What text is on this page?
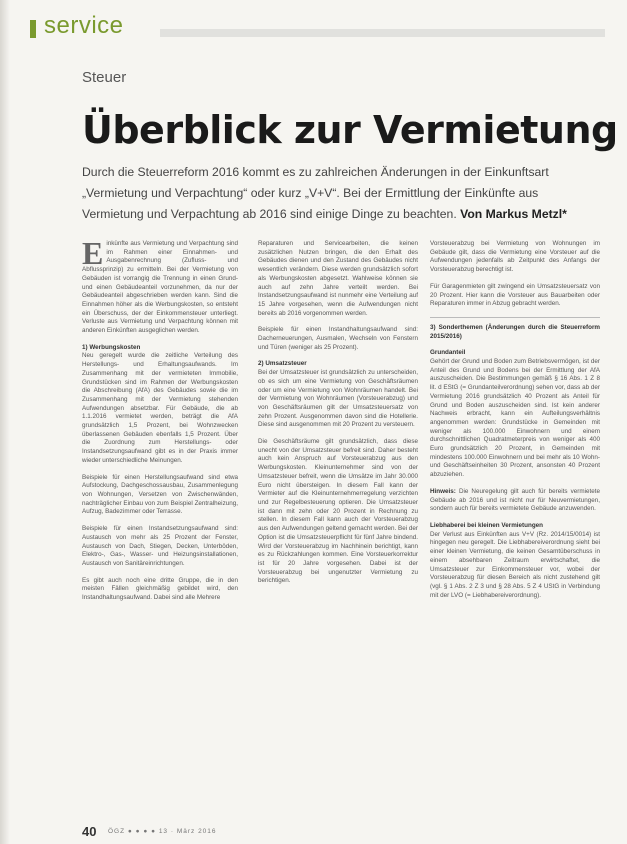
service
Steuer
Überblick zur Vermietung
Durch die Steuerreform 2016 kommt es zu zahlreichen Änderungen in der Einkunftsart „Vermietung und Verpachtung“ oder kurz „V+V“. Bei der Ermittlung der Einkünfte aus Vermietung und Verpachtung ab 2016 sind einige Dinge zu beachten. Von Markus Metzl*

Einkünfte aus Vermietung und Verpachtung sind im Rahmen einer Einnahmen- und Ausgabenrechnung (Zufluss- und Abflussprinzip) zu ermitteln. Bei der Vermietung von Gebäuden ist vorrangig die Trennung in einen Grund- und einen Gebäudeanteil vorzunehmen, da nur der Gebäudeanteil abgeschrieben werden kann. Sind die Einnahmen höher als die Werbungskosten, so entsteht ein Überschuss, der der Einkommensteuer unterliegt. Verluste aus Vermietung und Verpachtung können mit anderen Einkünften ausgeglichen werden.

1) Werbungskosten

Neu geregelt wurde die zeitliche Verteilung des Herstellungs- und Erhaltungsaufwands. Im Zusammenhang mit der vermieteten Immobilie, Grundstücken sind im Rahmen der Werbungskosten die Abschreibung (AfA) des Gebäudes sowie die im Zusammenhang mit der Vermietung stehenden Aufwendungen absetzbar. Für Gebäude, die ab 1.1.2016 vermietet werden, beträgt die AfA grundsätzlich 1,5 Prozent, bei Wohnzwecken überlassenen Gebäuden ebenfalls 1,5 Prozent. Über die Zuordnung zum Herstellungs- oder Instandsetzungsaufwand gibt es in der Praxis immer wieder unterschiedliche Meinungen.

Beispiele für einen Herstellungsaufwand sind etwa Aufstockung, Dachgeschossausbau, Zusammenlegung von Wohnungen, Versetzen von Zwischenwänden, nachträglicher Einbau von zum Beispiel Zentralheizung, Aufzug, Badezimmer oder Terrasse.

Beispiele für einen Instandsetzungsaufwand sind: Austausch von mehr als 25 Prozent der Fenster, Austausch von Dach, Stiegen, Decken, Unterböden, Elektro-, Gas-, Wasser- und Heizungsinstallationen, Austausch von Sanitäreinrichtungen.

Es gibt auch noch eine dritte Gruppe, die in den meisten Fällen gleichmäßig gebildet wird, den Instandhaltungsaufwand. Dabei sind alle Mehrere

Reparaturen und Servicearbeiten, die keinen zusätzlichen Nutzen bringen, die den Erhalt des Gebäudes dienen und den Zustand des Gebäudes nicht wesentlich verändern. Diese werden grundsätzlich sofort als Werbungskosten abgesetzt. Wahlweise können sie auch auf zehn Jahre verteilt werden. Bei Instandsetzungsaufwand ist nunmehr eine Verteilung auf 15 Jahre vorgesehen, wenn die Aufwendungen nicht bereits ab 2016 vorgenommen werden.

Beispiele für einen Instandhaltungsaufwand sind: Dacherneuerungen, Ausmalen, Wechseln von Fenstern und Türen (weniger als 25 Prozent).

2) Umsatzsteuer

Bei der Umsatzsteuer ist grundsätzlich zu unterscheiden, ob es sich um eine Vermietung von Geschäftsräumen oder um eine Vermietung von Wohnräumen handelt. Bei der Vermietung von Wohnräumen (Vorsteuerabzug) und von Geschäftsräumen gilt der Umsatzsteuersatz von zehn Prozent. Ausgenommen davon sind die Hotellerie. Diese sind ausgenommen mit 20 Prozent zu versteuern.

Die Geschäftsräume gilt grundsätzlich, dass diese unecht von der Umsatzsteuer befreit sind. Daher besteht auch kein Anspruch auf Vorsteuerabzug aus den Werbungskosten. Kleinunternehmer sind von der Umsatzsteuer befreit, wenn die Umsätze im Jahr 30.000 Euro nicht übersteigen. In diesem Fall kann der Vermieter auf die Kleinunternehmerregelung verzichten und zur Regelbesteuerung optieren. Die Umsatzsteuer ist dann mit zehn oder 20 Prozent in Rechnung zu stellen. In diesem Fall kann auch der Vorsteuerabzug aus den Aufwendungen geltend gemacht werden. Bei der Option ist die Umsatzsteuerpflicht für fünf Jahre bindend. Wird der Vorsteuerabzug im Nachhinein berichtigt, kann es zu Rückzahlungen kommen. Eine Vorsteuerkorrektur ist für 20 Jahre vorgesehen. Dabei ist der Vorsteuerabzug bei ungenutzter Vermietung zu berichtigen.

Vorsteuerabzug bei Vermietung von Wohnungen im Gebäude gilt, dass die Vermietung eine Vorsteuer auf die Aufwendungen jedenfalls ab Zeitpunkt des Anfangs der Vorsteuerabzug berechtigt ist.

Für Garagenmieten gilt zwingend ein Umsatzsteuersatz von 20 Prozent. Hier kann die Vorsteuer aus Bauarbeiten oder Reparaturen immer in Abzug gebracht werden.

3) Sonderthemen (Änderungen durch die Steuerreform 2015/2016)

Grundanteil

Gehört der Grund und Boden zum Betriebsvermögen, ist der Anteil des Grund und Bodens bei der Ermittlung der AfA auszuscheiden. Die Bestimmungen gemäß § 16 Abs. 1 Z 8 lit. d EStG (= Grundanteilverordnung) sehen vor, dass ab der Vermietung 2016 grundsätzlich 40 Prozent als Anteil für Grund und Boden auszuscheiden sind. Ist kein anderer Nachweis erbracht, kann ein Aufteilungsverhältnis angenommen werden: Grundstücke in Gemeinden mit weniger als 100.000 Einwohnern und einem durchschnittlichen Quadratmeterpreis von weniger als 400 Euro grundsätzlich 20 Prozent, in Gemeinden mit mindestens 100.000 Einwohnern und bei mehr als 10 Wohn- und Geschäftseinheiten 30 Prozent, ansonsten 40 Prozent abzuziehen.

Hinweis: Die Neuregelung gilt auch für bereits vermietete Gebäude ab 2016 und ist nicht nur für Neuvermietungen, sondern auch für bereits vermietete Gebäude anzuwenden.

Liebhaberei bei kleinen Vermietungen

Der Verlust aus Einkünften aus V+V (Rz. 2014/15/0014) ist hingegen neu geregelt. Die Liebhabereiverordnung sieht bei einer kleinen Vermietung, die keinen Gesamtüberschuss in einem absehbaren Zeitraum erwirtschaftet, die Umsatzsteuer zur Einkommensteuer vor, wobei der Vorsteuerabzug für diesen Bereich als nicht zustehend gilt (vgl. § 1 Abs. 2 Z 3 und § 28 Abs. 5 Z 4 UStG in Verbindung mit der LVO (= Liebhabereiverordnung).

40 ÖGZ ● ● ● ● 13 · März 2016
